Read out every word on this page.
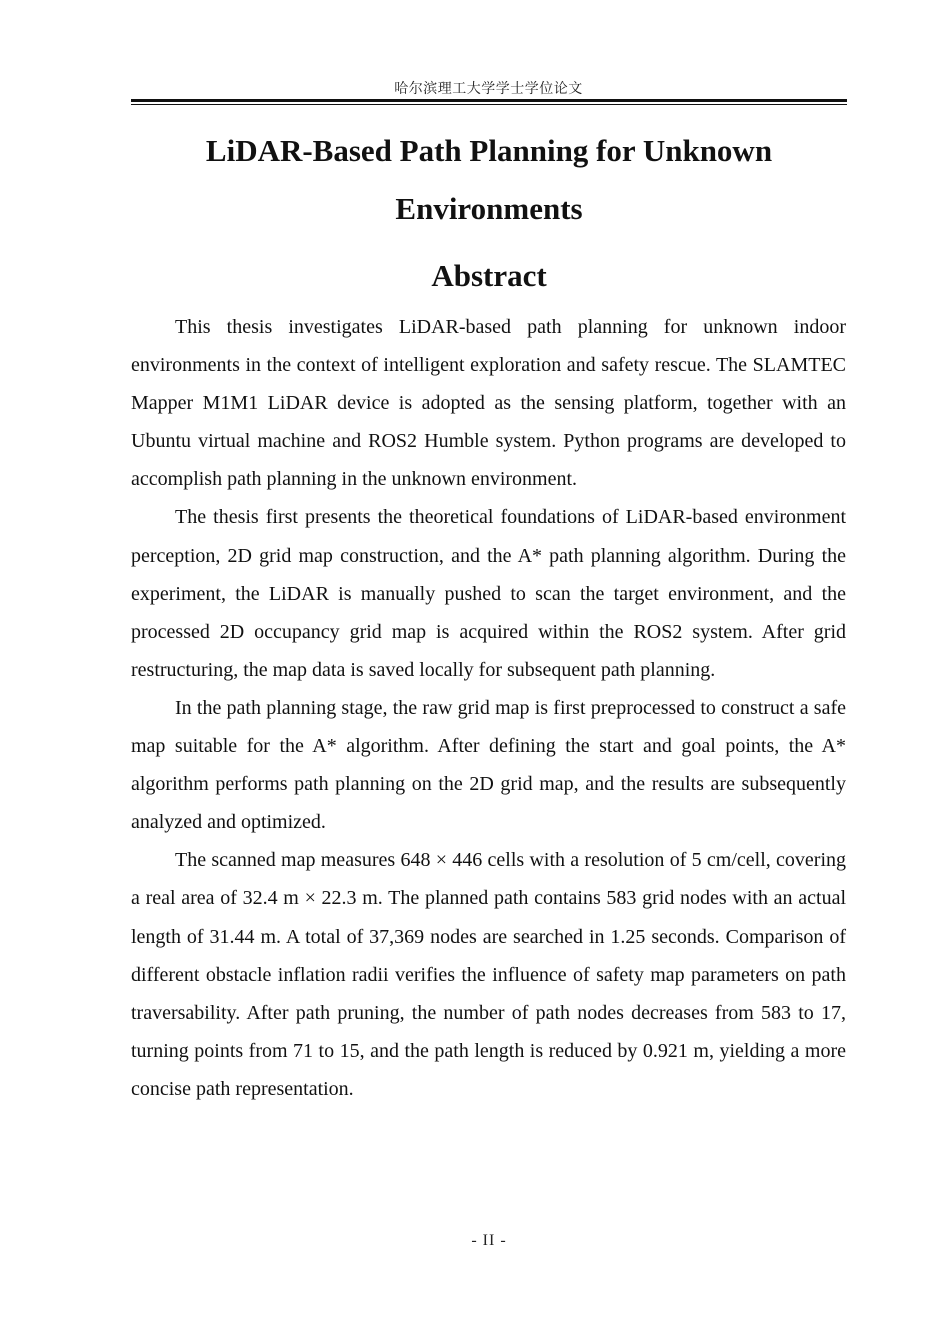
哈尔滨理工大学学士学位论文
LiDAR-Based Path Planning for Unknown
Environments
Abstract

This thesis investigates LiDAR-based path planning for unknown indoor environments in the context of intelligent exploration and safety rescue. The SLAMTEC Mapper M1M1 LiDAR device is adopted as the sensing platform, together with an Ubuntu virtual machine and ROS2 Humble system. Python programs are developed to accomplish path planning in the unknown environment.

The thesis first presents the theoretical foundations of LiDAR-based environment perception, 2D grid map construction, and the A* path planning algorithm. During the experiment, the LiDAR is manually pushed to scan the target environment, and the processed 2D occupancy grid map is acquired within the ROS2 system. After grid restructuring, the map data is saved locally for subsequent path planning.

In the path planning stage, the raw grid map is first preprocessed to construct a safe map suitable for the A* algorithm. After defining the start and goal points, the A* algorithm performs path planning on the 2D grid map, and the results are subsequently analyzed and optimized.

The scanned map measures 648 × 446 cells with a resolution of 5 cm/cell, covering a real area of 32.4 m × 22.3 m. The planned path contains 583 grid nodes with an actual length of 31.44 m. A total of 37,369 nodes are searched in 1.25 seconds. Comparison of different obstacle inflation radii verifies the influence of safety map parameters on path traversability. After path pruning, the number of path nodes decreases from 583 to 17, turning points from 71 to 15, and the path length is reduced by 0.921 m, yielding a more concise path representation.

- II -
